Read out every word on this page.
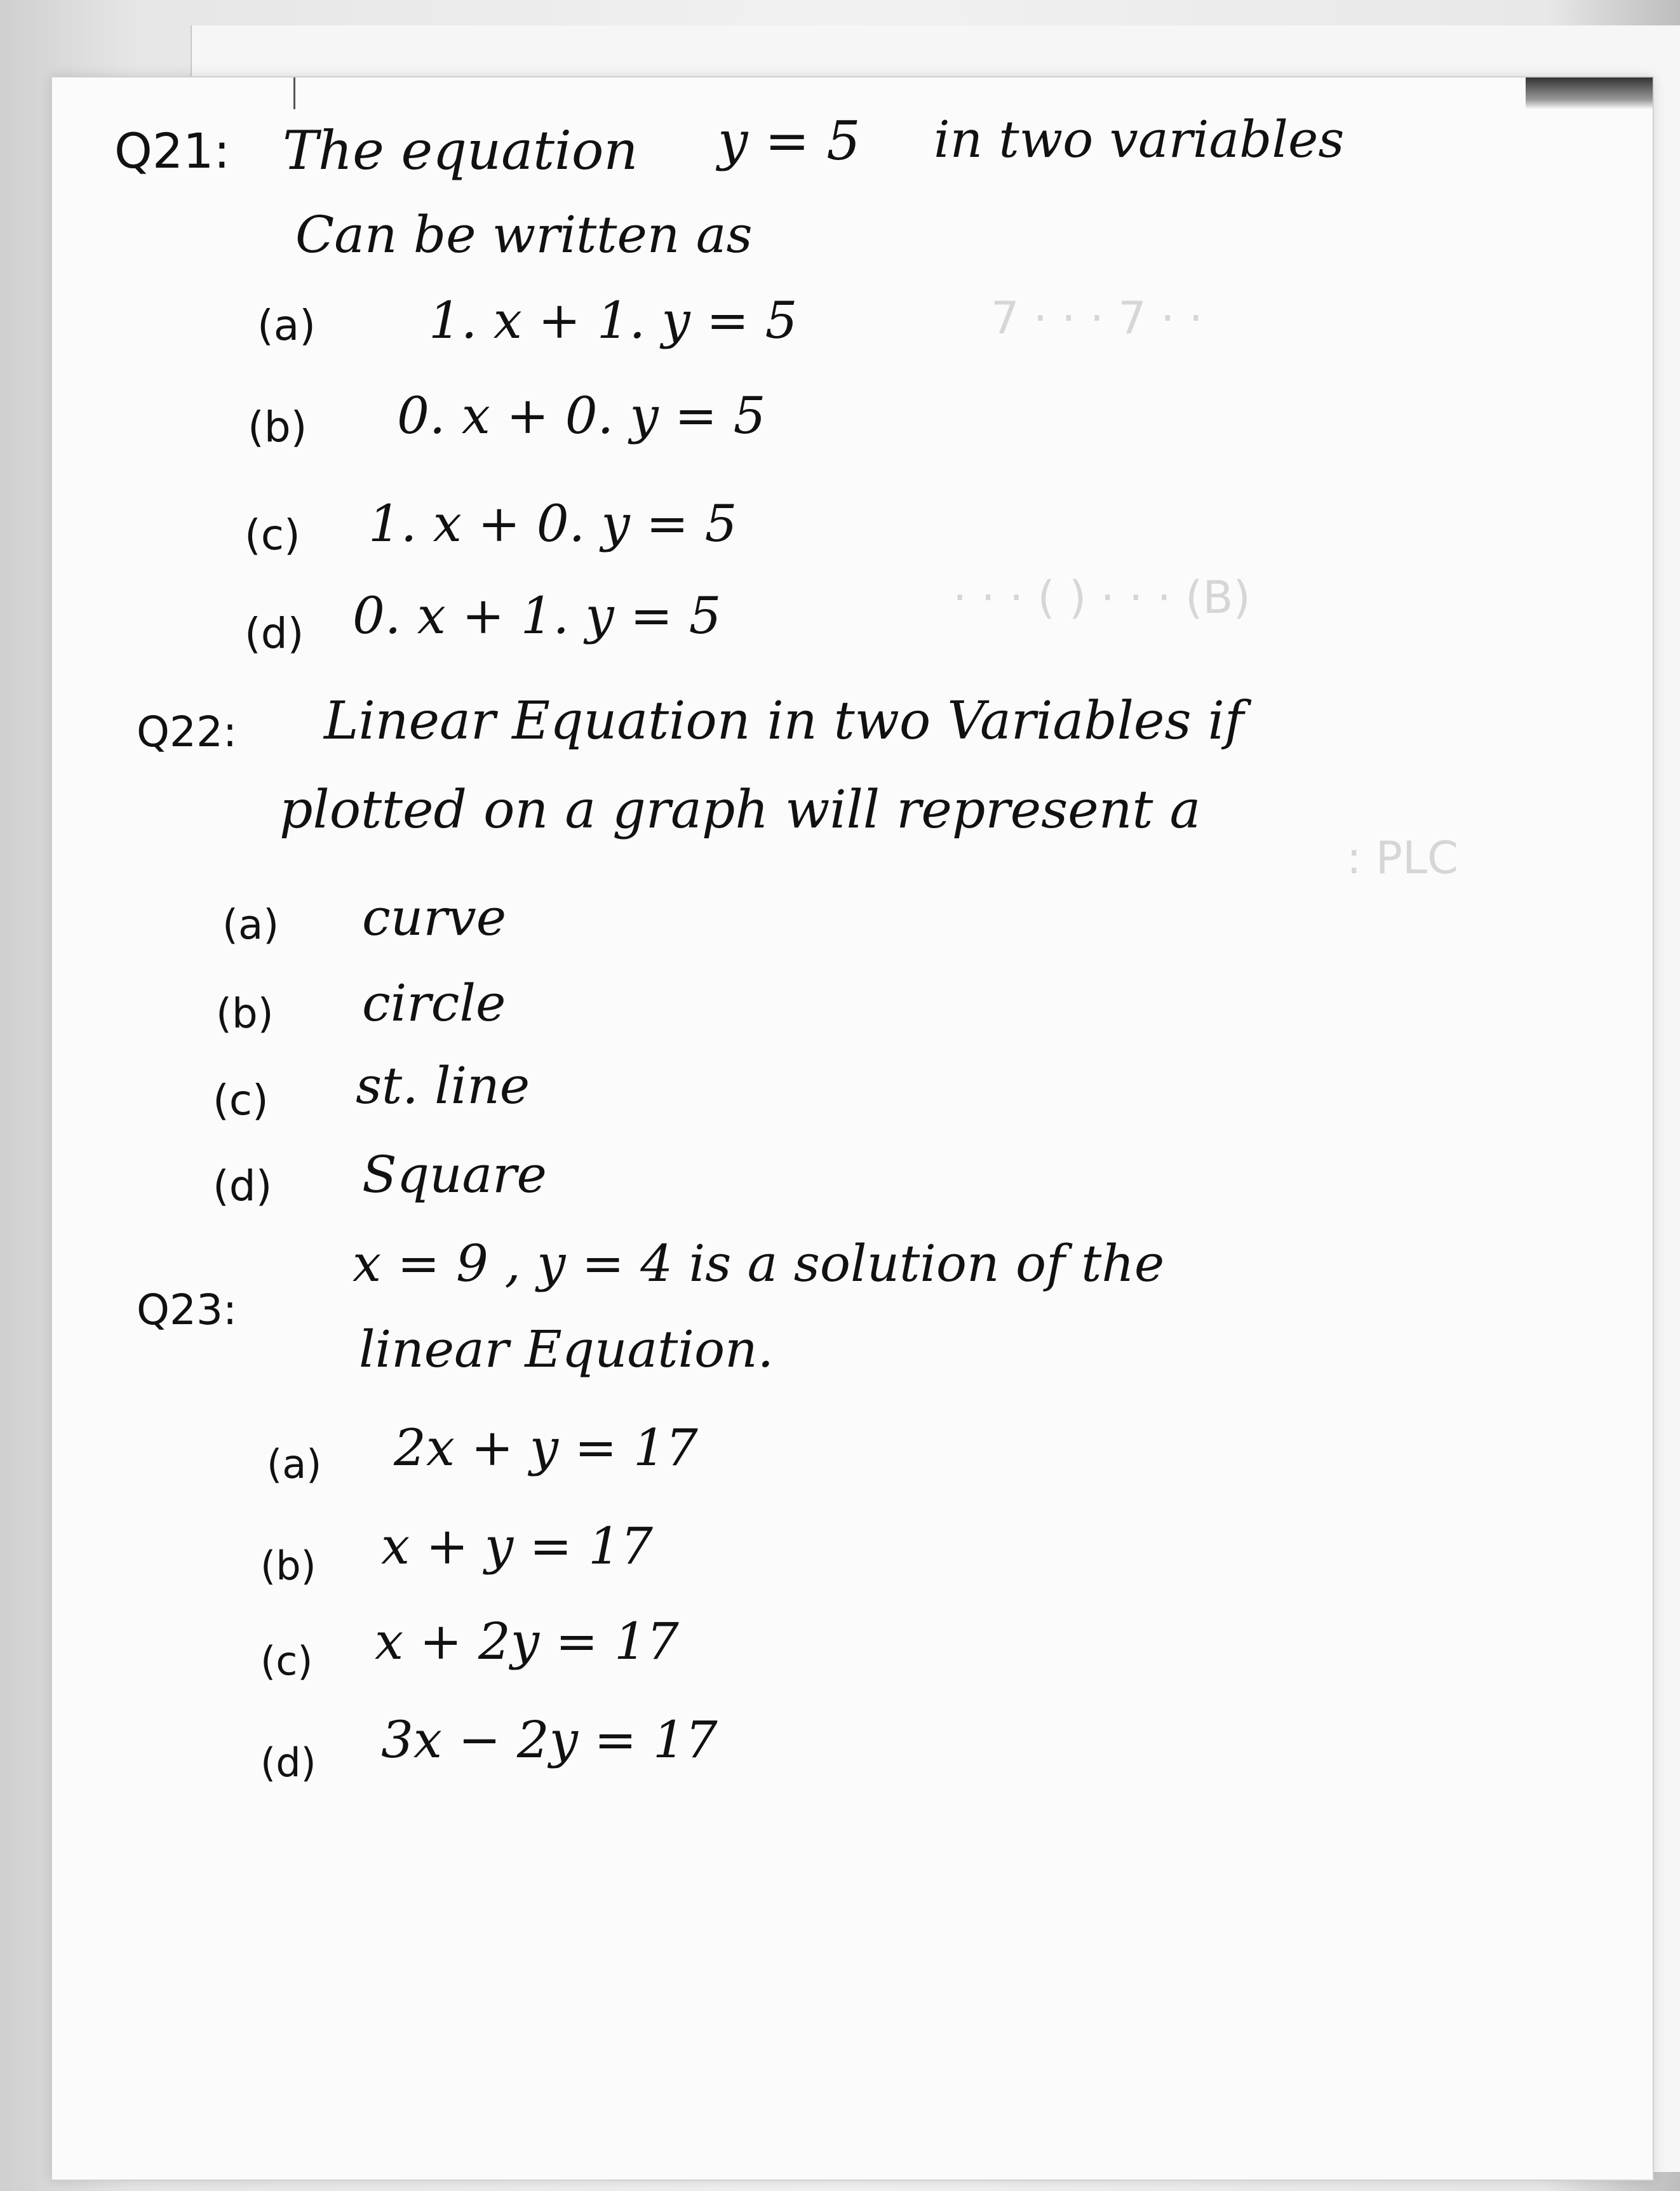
7 · · · 7 · ·
· · · ( ) · · · (B)
: PLC
Q21: The equation y = 5 in two variables
Can be written as
(a) 1. x + 1. y = 5
(b) 0. x + 0. y = 5
(c) 1. x + 0. y = 5
(d) 0. x + 1. y = 5
Q22: Linear Equation in two Variables if
plotted on a graph will represent a
(a) curve
(b) circle
(c) st. line
(d) Square
Q23:
x = 9 , y = 4 is a solution of the
linear Equation.
(a) 2x + y = 17
(b) x + y = 17
(c) x + 2y = 17
(d) 3x − 2y = 17
